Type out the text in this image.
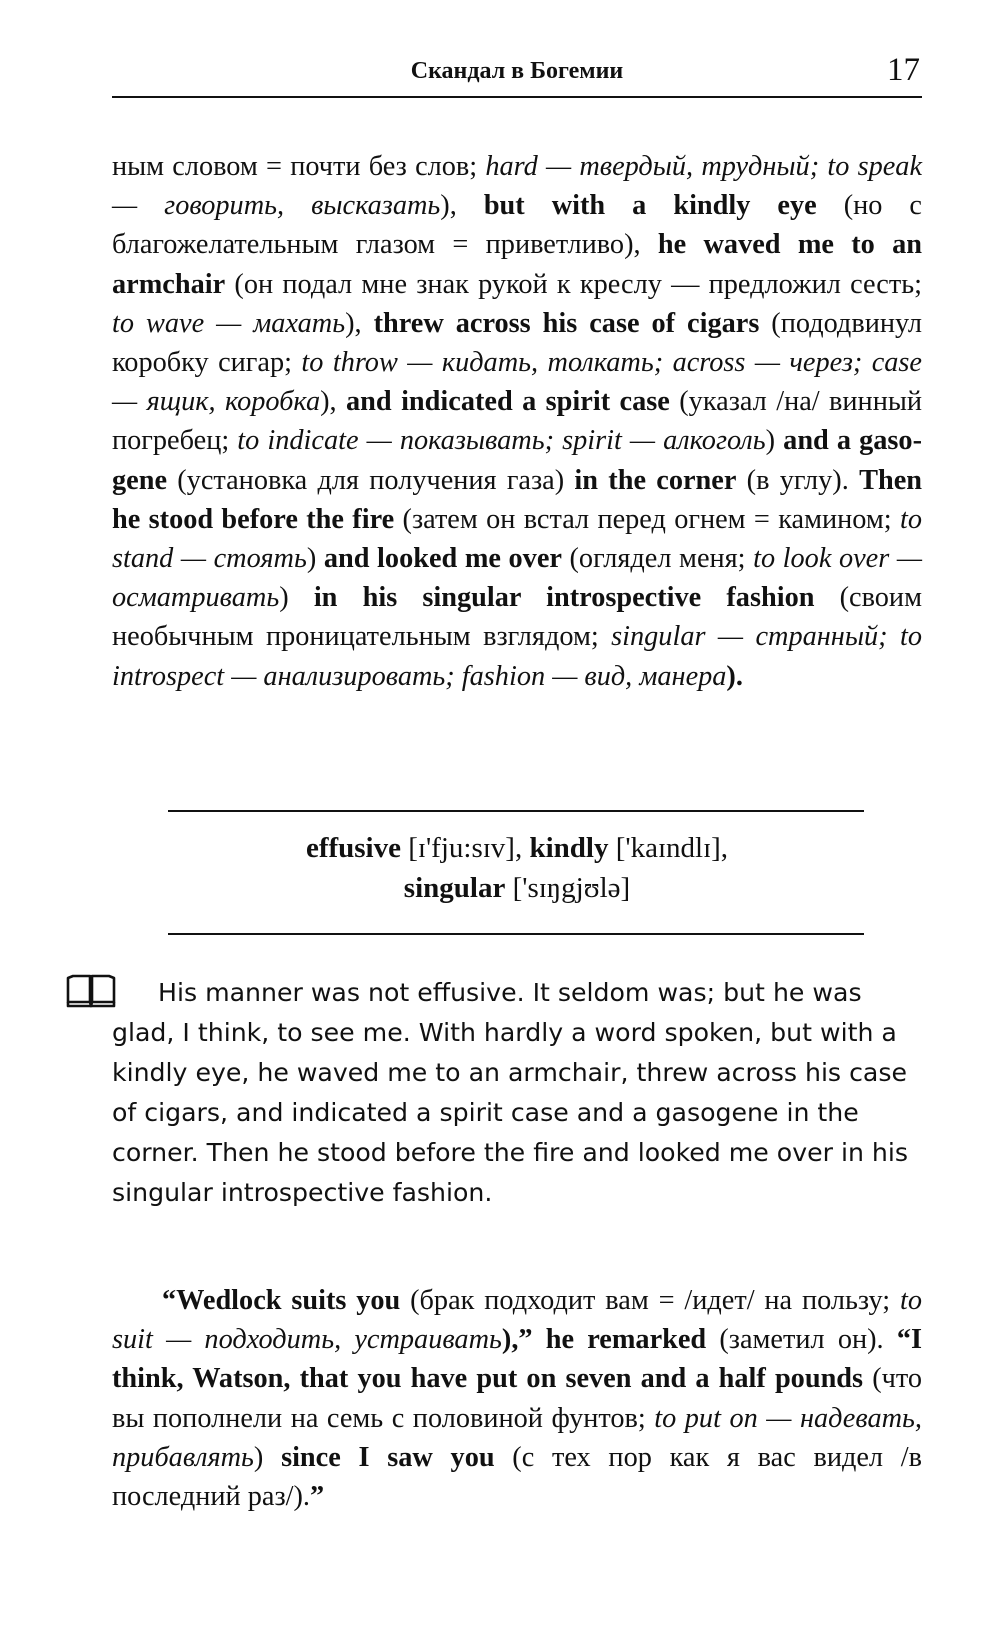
Скандал в Богемии	17

ным словом = почти без слов; hard — твердый, трудный; to speak — говорить, высказать), but with a kindly eye (но с благожелательным глазом = приветливо), he waved me to an armchair (он подал мне знак рукой к креслу — предложил сесть; to wave — махать), threw across his case of cigars (пододвинул коробку сигар; to throw — кидать, толкать; across — через; case — ящик, коробка), and indicated a spirit case (указал /на/ винный погребец; to indicate — показывать; spirit — алкоголь) and a gasogene (установка для получения газа) in the corner (в углу). Then he stood before the fire (затем он встал перед огнем = камином; to stand — стоять) and looked me over (оглядел меня; to look over — осматривать) in his singular introspective fashion (своим необычным проницательным взглядом; singular — странный; to introspect — анализировать; fashion — вид, манера).

effusive [ɪ'fju:sɪv], kindly ['kaɪndlɪ],
singular ['sɪŋgjʊlə]

His manner was not effusive. It seldom was; but he was glad, I think, to see me. With hardly a word spoken, but with a kindly eye, he waved me to an armchair, threw across his case of cigars, and indicated a spirit case and a gasogene in the corner. Then he stood before the fire and looked me over in his singular introspective fashion.

“Wedlock suits you (брак подходит вам = /идет/ на пользу; to suit — подходить, устраивать),” he remarked (заметил он). “I think, Watson, that you have put on seven and a half pounds (что вы пополнели на семь с половиной фунтов; to put on — надевать, прибавлять) since I saw you (с тех пор как я вас видел /в последний раз/).”
